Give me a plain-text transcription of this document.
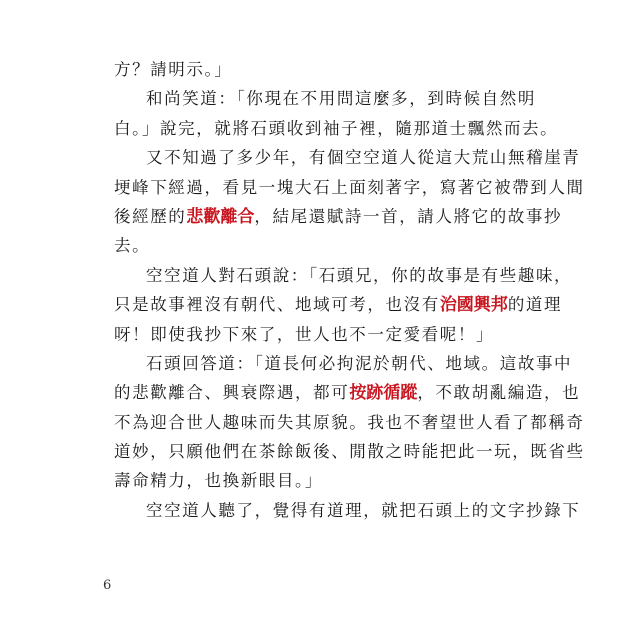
方？請明示。」
和尚笑道：「你現在不用問這麼多，到時候自然明
白。」說完，就將石頭收到袖子裡，隨那道士飄然而去。
又不知過了多少年，有個空空道人從這大荒山無稽崖青
埂峰下經過，看見一塊大石上面刻著字，寫著它被帶到人間
後經歷的悲歡離合，結尾還賦詩一首，請人將它的故事抄
去。
空空道人對石頭說：「石頭兄，你的故事是有些趣味，
只是故事裡沒有朝代、地域可考，也沒有治國興邦的道理
呀！即使我抄下來了，世人也不一定愛看呢！」
石頭回答道：「道長何必拘泥於朝代、地域。這故事中
的悲歡離合、興衰際遇，都可按跡循蹤，不敢胡亂編造，也
不為迎合世人趣味而失其原貌。我也不奢望世人看了都稱奇
道妙，只願他們在茶餘飯後、閒散之時能把此一玩，既省些
壽命精力，也換新眼目。」
空空道人聽了，覺得有道理，就把石頭上的文字抄錄下
6
